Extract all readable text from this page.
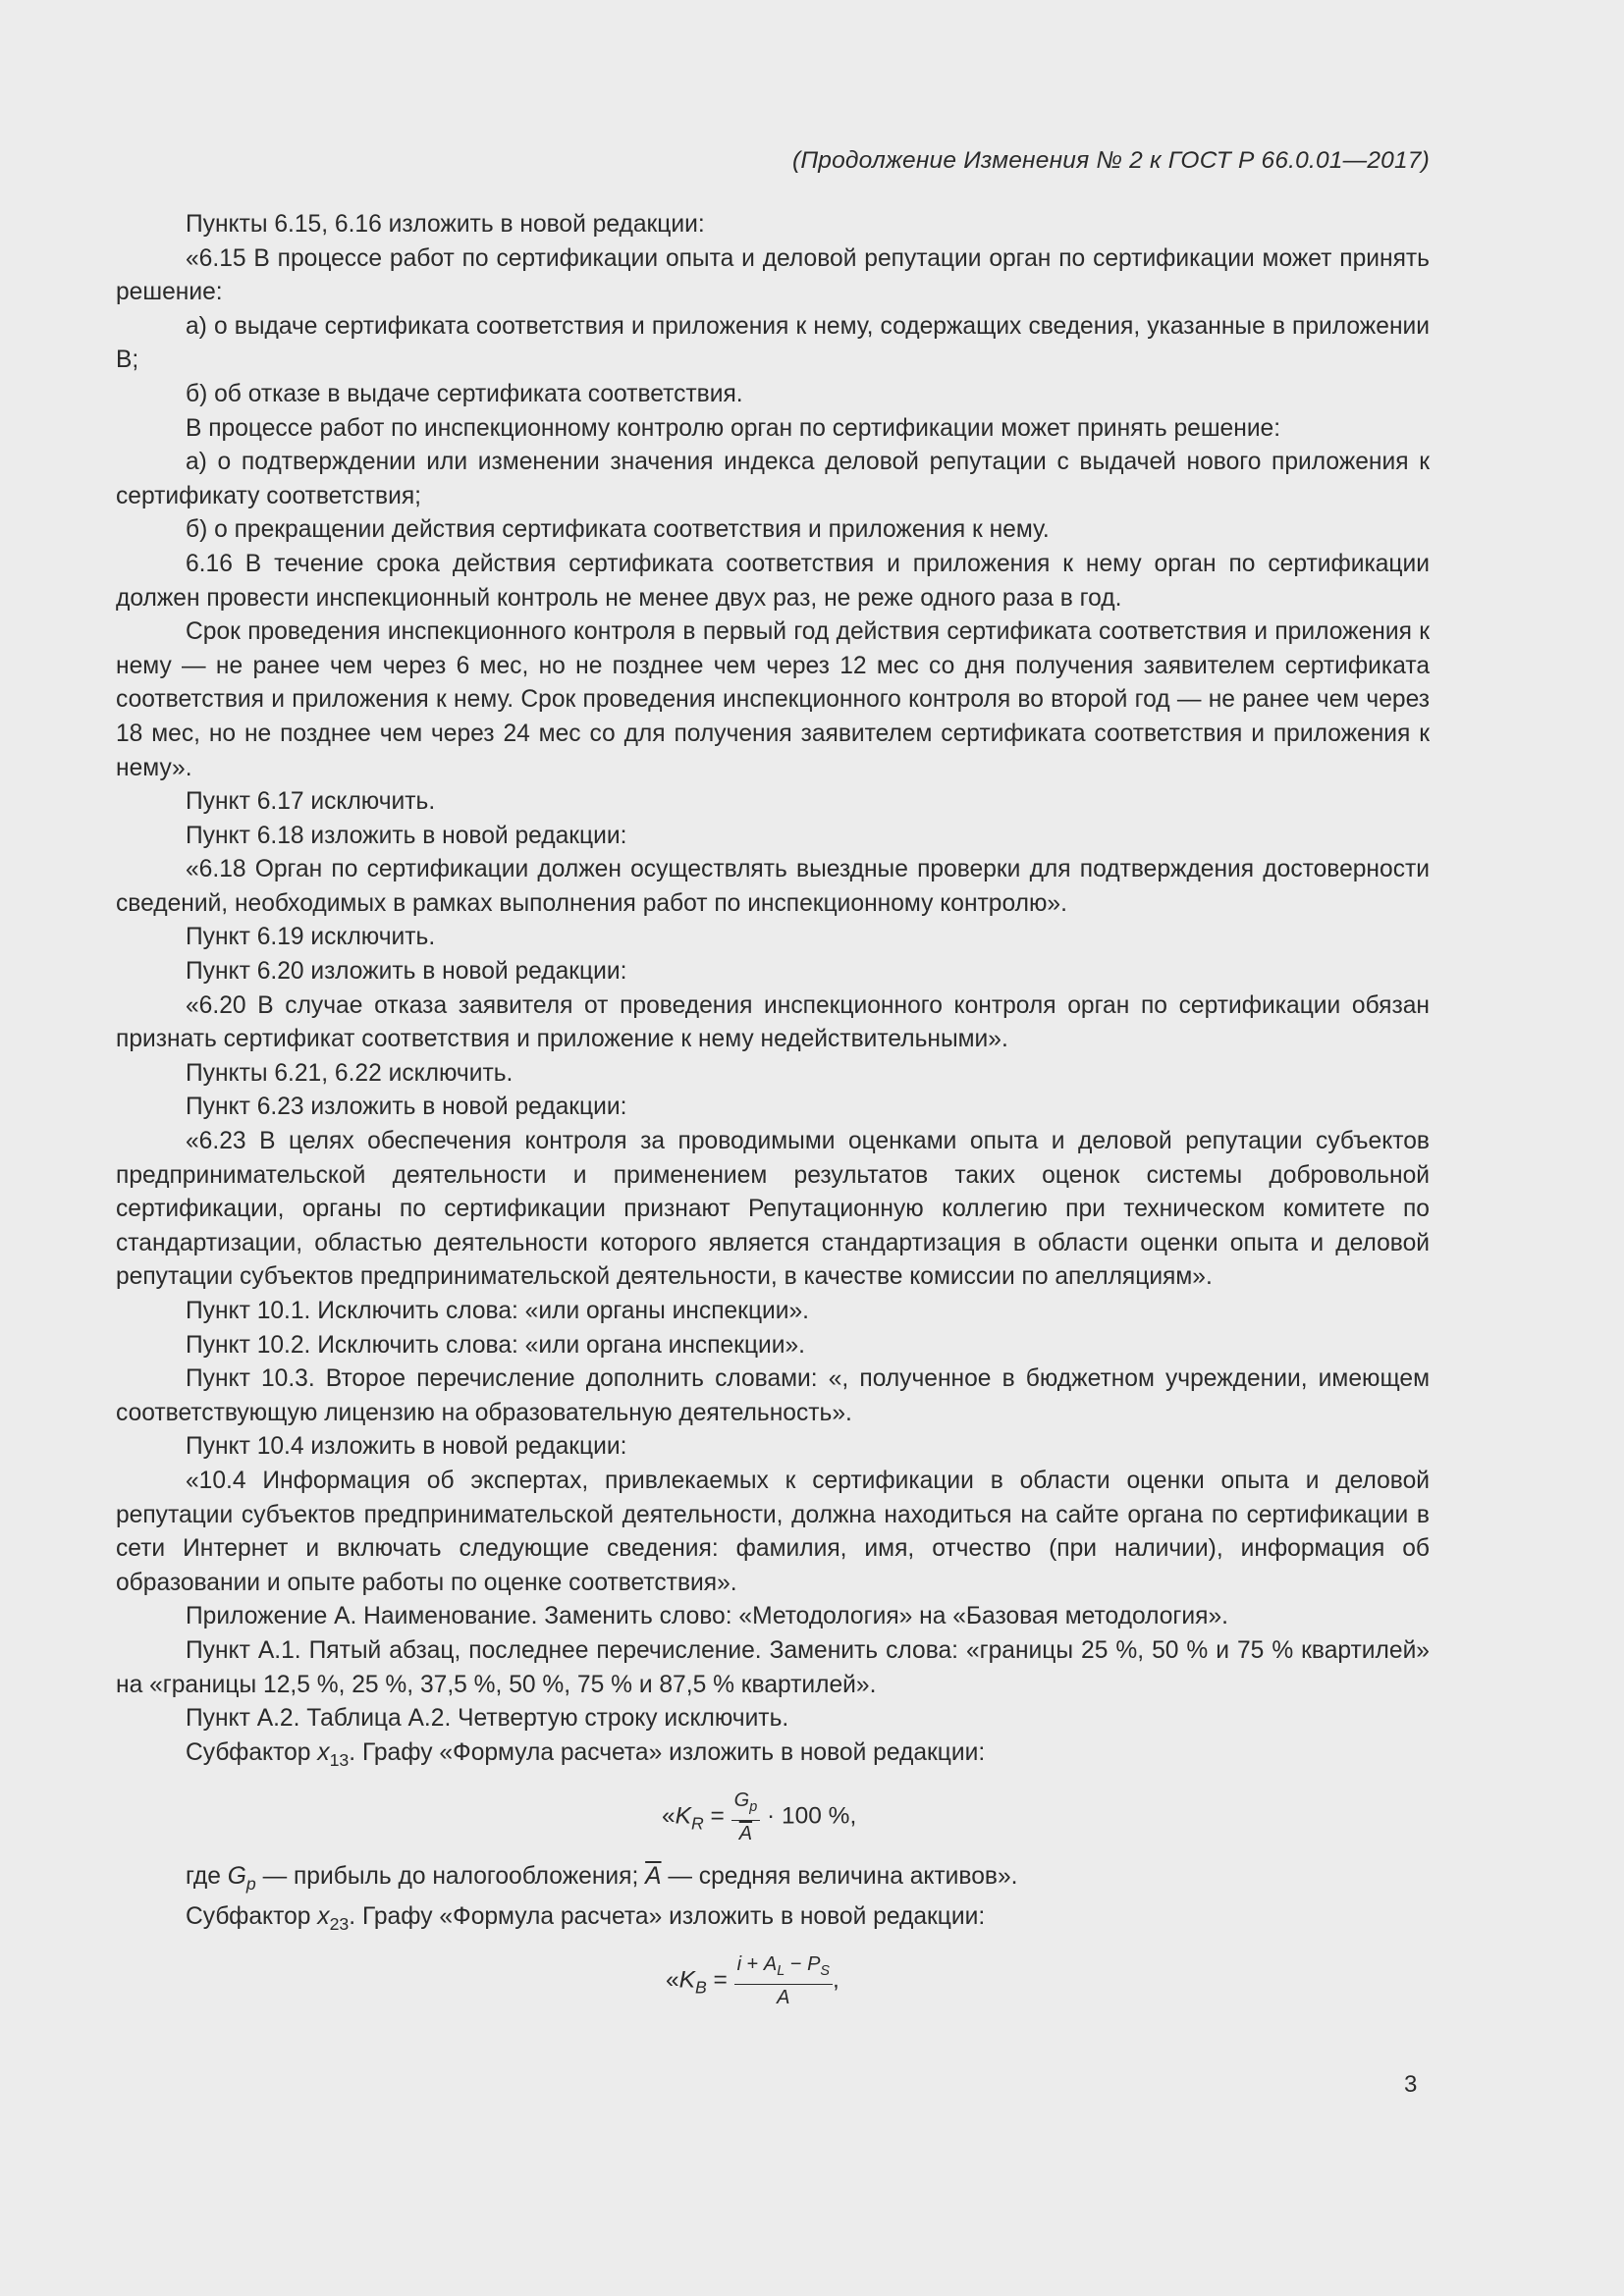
(Продолжение Изменения № 2 к ГОСТ Р 66.0.01—2017)

Пункты 6.15, 6.16 изложить в новой редакции:

«6.15 В процессе работ по сертификации опыта и деловой репутации орган по сертификации может принять решение:

а) о выдаче сертификата соответствия и приложения к нему, содержащих сведения, указанные в приложении В;

б) об отказе в выдаче сертификата соответствия.

В процессе работ по инспекционному контролю орган по сертификации может принять решение:

а) о подтверждении или изменении значения индекса деловой репутации с выдачей нового приложения к сертификату соответствия;

б) о прекращении действия сертификата соответствия и приложения к нему.

6.16 В течение срока действия сертификата соответствия и приложения к нему орган по сертификации должен провести инспекционный контроль не менее двух раз, не реже одного раза в год.

Срок проведения инспекционного контроля в первый год действия сертификата соответствия и приложения к нему — не ранее чем через 6 мес, но не позднее чем через 12 мес со дня получения заявителем сертификата соответствия и приложения к нему. Срок проведения инспекционного контроля во второй год — не ранее чем через 18 мес, но не позднее чем через 24 мес со для получения заявителем сертификата соответствия и приложения к нему».

Пункт 6.17 исключить.

Пункт 6.18 изложить в новой редакции:

«6.18 Орган по сертификации должен осуществлять выездные проверки для подтверждения достоверности сведений, необходимых в рамках выполнения работ по инспекционному контролю».

Пункт 6.19 исключить.

Пункт 6.20 изложить в новой редакции:

«6.20 В случае отказа заявителя от проведения инспекционного контроля орган по сертификации обязан признать сертификат соответствия и приложение к нему недействительными».

Пункты 6.21, 6.22 исключить.

Пункт 6.23 изложить в новой редакции:

«6.23 В целях обеспечения контроля за проводимыми оценками опыта и деловой репутации субъектов предпринимательской деятельности и применением результатов таких оценок системы добровольной сертификации, органы по сертификации признают Репутационную коллегию при техническом комитете по стандартизации, областью деятельности которого является стандартизация в области оценки опыта и деловой репутации субъектов предпринимательской деятельности, в качестве комиссии по апелляциям».

Пункт 10.1. Исключить слова: «или органы инспекции».

Пункт 10.2. Исключить слова: «или органа инспекции».

Пункт 10.3. Второе перечисление дополнить словами: «, полученное в бюджетном учреждении, имеющем соответствующую лицензию на образовательную деятельность».

Пункт 10.4 изложить в новой редакции:

«10.4 Информация об экспертах, привлекаемых к сертификации в области оценки опыта и деловой репутации субъектов предпринимательской деятельности, должна находиться на сайте органа по сертификации в сети Интернет и включать следующие сведения: фамилия, имя, отчество (при наличии), информация об образовании и опыте работы по оценке соответствия».

Приложение А. Наименование. Заменить слово: «Методология» на «Базовая методология».

Пункт А.1. Пятый абзац, последнее перечисление. Заменить слова: «границы 25 %, 50 % и 75 % квартилей» на «границы 12,5 %, 25 %, 37,5 %, 50 %, 75 % и 87,5 % квартилей».

Пункт А.2. Таблица А.2. Четвертую строку исключить.

Субфактор $x_{13}$. Графу «Формула расчета» изложить в новой редакции:

«$K_R = \frac{G_p}{A} \cdot 100$ %,

где $G_p$ — прибыль до налогообложения; $\overline{A}$ — средняя величина активов».

Субфактор $x_{23}$. Графу «Формула расчета» изложить в новой редакции:

«$K_B = \frac{i + A_L - P_S}{A}$ ,
3
